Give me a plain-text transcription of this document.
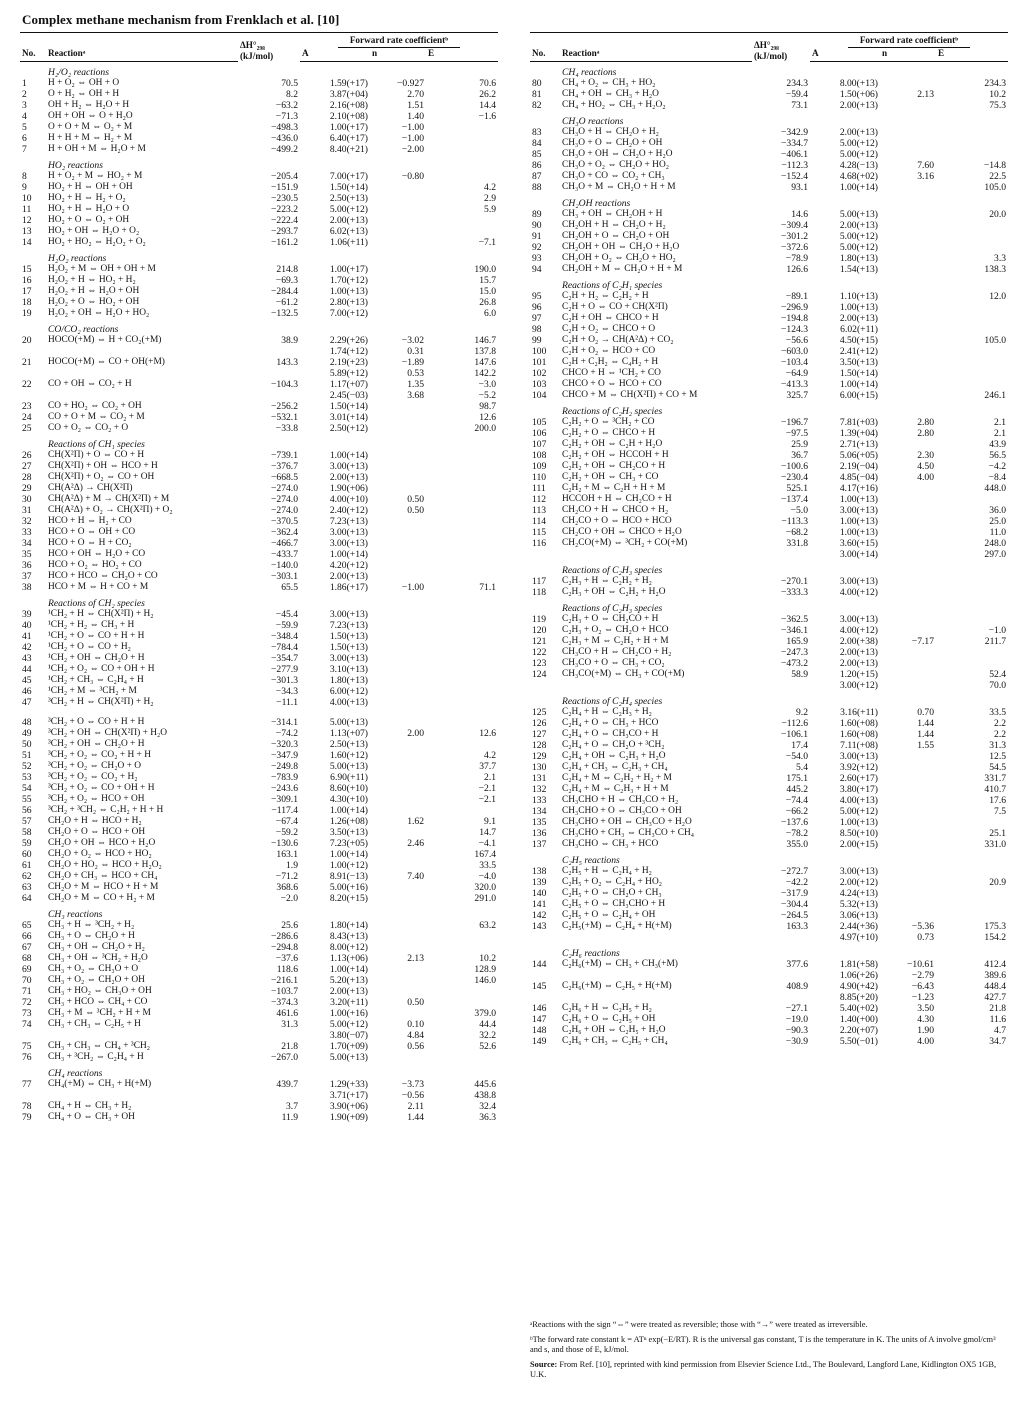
Complex methane mechanism from Frenklach et al. [10]
		ΔH°₂₉₈ (kJ/mol)	Forward rate coefficientᵇ		
No.	Reactionᵃ		A	n	E
	H₂/O₂ reactions				
1	H + O₂ ⇔ OH + O	70.5	1.59(+17)	−0.927	70.6
2	O + H₂ ⇔ OH + H	8.2	3.87(+04)	2.70	26.2
3	OH + H₂ ⇔ H₂O + H	−63.2	2.16(+08)	1.51	14.4
4	OH + OH ⇔ O + H₂O	−71.3	2.10(+08)	1.40	−1.6
5	O + O + M ⇔ O₂ + M	−498.3	1.00(+17)	−1.00	
6	H + H + M ⇔ H₂ + M	−436.0	6.40(+17)	−1.00	
7	H + OH + M ⇔ H₂O + M	−499.2	8.40(+21)	−2.00	
	HO₂ reactions				
8	H + O₂ + M ⇔ HO₂ + M	−205.4	7.00(+17)	−0.80	
9	HO₂ + H ⇔ OH + OH	−151.9	1.50(+14)		4.2
10	HO₂ + H ⇔ H₂ + O₂	−230.5	2.50(+13)		2.9
11	HO₂ + H ⇔ H₂O + O	−223.2	5.00(+12)		5.9
12	HO₂ + O ⇔ O₂ + OH	−222.4	2.00(+13)		
13	HO₂ + OH ⇔ H₂O + O₂	−293.7	6.02(+13)		
14	HO₂ + HO₂ ⇔ H₂O₂ + O₂	−161.2	1.06(+11)		−7.1
	H₂O₂ reactions				
15	H₂O₂ + M ⇔ OH + OH + M	214.8	1.00(+17)		190.0
16	H₂O₂ + H ⇔ HO₂ + H₂	−69.3	1.70(+12)		15.7
17	H₂O₂ + H ⇔ H₂O + OH	−284.4	1.00(+13)		15.0
18	H₂O₂ + O ⇔ HO₂ + OH	−61.2	2.80(+13)		26.8
19	H₂O₂ + OH ⇔ H₂O + HO₂	−132.5	7.00(+12)		6.0
	CO/CO₂ reactions				
20	HOCO(+M) ⇔ H + CO₂(+M)	38.9	2.29(+26)	−3.02	146.7
			1.74(+12)	0.31	137.8
21	HOCO(+M) ⇔ CO + OH(+M)	143.3	2.19(+23)	−1.89	147.6
			5.89(+12)	0.53	142.2
22	CO + OH ⇔ CO₂ + H	−104.3	1.17(+07)	1.35	−3.0
			2.45(−03)	3.68	−5.2
23	CO + HO₂ ⇔ CO₂ + OH	−256.2	1.50(+14)		98.7
24	CO + O + M ⇔ CO₂ + M	−532.1	3.01(+14)		12.6
25	CO + O₂ ⇔ CO₂ + O	−33.8	2.50(+12)		200.0
	Reactions of CH₁ species				
26	CH(X²Π) + O ⇔ CO + H	−739.1	1.00(+14)		
27	CH(X²Π) + OH ⇔ HCO + H	−376.7	3.00(+13)		
28	CH(X²Π) + O₂ ⇔ CO + OH	−668.5	2.00(+13)		
29	CH(A²Δ) → CH(X²Π)	−274.0	1.90(+06)		
30	CH(A²Δ) + M → CH(X²Π) + M	−274.0	4.00(+10)	0.50	
31	CH(A²Δ) + O₂ → CH(X²Π) + O₂	−274.0	2.40(+12)	0.50	
32	HCO + H ⇔ H₂ + CO	−370.5	7.23(+13)		
33	HCO + O ⇔ OH + CO	−362.4	3.00(+13)		
34	HCO + O ⇔ H + CO₂	−466.7	3.00(+13)		
35	HCO + OH ⇔ H₂O + CO	−433.7	1.00(+14)		
36	HCO + O₂ ⇔ HO₂ + CO	−140.0	4.20(+12)		
37	HCO + HCO ⇔ CH₂O + CO	−303.1	2.00(+13)		
38	HCO + M ⇔ H + CO + M	65.5	1.86(+17)	−1.00	71.1
	Reactions of CH₂ species				
39	¹CH₂ + H ⇔ CH(X²Π) + H₂	−45.4	3.00(+13)		
40	¹CH₂ + H₂ ⇔ CH₃ + H	−59.9	7.23(+13)		
41	¹CH₂ + O ⇔ CO + H + H	−348.4	1.50(+13)		
42	¹CH₂ + O ⇔ CO + H₂	−784.4	1.50(+13)		
43	¹CH₂ + OH ⇔ CH₂O + H	−354.7	3.00(+13)		
44	¹CH₂ + O₂ ⇔ CO + OH + H	−277.9	3.10(+13)		
45	¹CH₂ + CH₃ ⇔ C₂H₄ + H	−301.3	1.80(+13)		
46	¹CH₂ + M ⇔ ³CH₂ + M	−34.3	6.00(+12)		
47	³CH₂ + H ⇔ CH(X²Π) + H₂	−11.1	4.00(+13)		

48	³CH₂ + O ⇔ CO + H + H	−314.1	5.00(+13)		
49	³CH₂ + OH ⇔ CH(X²Π) + H₂O	−74.2	1.13(+07)	2.00	12.6
50	³CH₂ + OH ⇔ CH₂O + H	−320.3	2.50(+13)		
51	³CH₂ + O₂ ⇔ CO₂ + H + H	−347.9	1.60(+12)		4.2
52	³CH₂ + O₂ ⇔ CH₂O + O	−249.8	5.00(+13)		37.7
53	³CH₂ + O₂ ⇔ CO₂ + H₂	−783.9	6.90(+11)		2.1
54	³CH₂ + O₂ ⇔ CO + OH + H	−243.6	8.60(+10)		−2.1
55	³CH₂ + O₂ ⇔ HCO + OH	−309.1	4.30(+10)		−2.1
56	³CH₂ + ³CH₂ ⇔ C₂H₂ + H + H	−117.4	1.00(+14)		
57	CH₂O + H ⇔ HCO + H₂	−67.4	1.26(+08)	1.62	9.1
58	CH₂O + O ⇔ HCO + OH	−59.2	3.50(+13)		14.7
59	CH₂O + OH ⇔ HCO + H₂O	−130.6	7.23(+05)	2.46	−4.1
60	CH₂O + O₂ ⇔ HCO + HO₂	163.1	1.00(+14)		167.4
61	CH₂O + HO₂ ⇔ HCO + H₂O₂	1.9	1.00(+12)		33.5
62	CH₂O + CH₃ ⇔ HCO + CH₄	−71.2	8.91(−13)	7.40	−4.0
63	CH₂O + M ⇔ HCO + H + M	368.6	5.00(+16)		320.0
64	CH₂O + M ⇔ CO + H₂ + M	−2.0	8.20(+15)		291.0
	CH₃ reactions				
65	CH₃ + H ⇔ ³CH₂ + H₂	25.6	1.80(+14)		63.2
66	CH₃ + O ⇔ CH₂O + H	−286.6	8.43(+13)		
67	CH₃ + OH ⇔ CH₂O + H₂	−294.8	8.00(+12)		
68	CH₃ + OH ⇔ ³CH₂ + H₂O	−37.6	1.13(+06)	2.13	10.2
69	CH₃ + O₂ ⇔ CH₃O + O	118.6	1.00(+14)		128.9
70	CH₃ + O₂ ⇔ CH₂O + OH	−216.1	5.20(+13)		146.0
71	CH₃ + HO₂ ⇔ CH₃O + OH	−103.7	2.00(+13)		
72	CH₃ + HCO ⇔ CH₄ + CO	−374.3	3.20(+11)	0.50	
73	CH₃ + M ⇔ ³CH₂ + H + M	461.6	1.00(+16)		379.0
74	CH₃ + CH₃ ⇔ C₂H₅ + H	31.3	5.00(+12)	0.10	44.4
			3.80(−07)	4.84	32.2
75	CH₃ + CH₃ ⇔ CH₄ + ³CH₂	21.8	1.70(+09)	0.56	52.6
76	CH₃ + ³CH₂ ⇔ C₂H₄ + H	−267.0	5.00(+13)		
	CH₄ reactions				
77	CH₄(+M) ⇔ CH₃ + H(+M)	439.7	1.29(+33)	−3.73	445.6
			3.71(+17)	−0.56	438.8
78	CH₄ + H ⇔ CH₃ + H₂	3.7	3.90(+06)	2.11	32.4
79	CH₄ + O ⇔ CH₃ + OH	11.9	1.90(+09)	1.44	36.3
		ΔH°₂₉₈ (kJ/mol)	Forward rate coefficientᵇ		
No.	Reactionᵃ		A	n	E
	CH₄ reactions				
80	CH₄ + O₂ ⇔ CH₃ + HO₂	234.3	8.00(+13)		234.3
81	CH₄ + OH ⇔ CH₃ + H₂O	−59.4	1.50(+06)	2.13	10.2
82	CH₄ + HO₂ ⇔ CH₃ + H₂O₂	73.1	2.00(+13)		75.3
	CH₃O reactions				
83	CH₃O + H ⇔ CH₂O + H₂	−342.9	2.00(+13)		
84	CH₃O + O ⇔ CH₂O + OH	−334.7	5.00(+12)		
85	CH₃O + OH ⇔ CH₂O + H₂O	−406.1	5.00(+12)		
86	CH₃O + O₂ ⇔ CH₂O + HO₂	−112.3	4.28(−13)	7.60	−14.8
87	CH₃O + CO ⇔ CO₂ + CH₃	−152.4	4.68(+02)	3.16	22.5
88	CH₃O + M ⇔ CH₂O + H + M	93.1	1.00(+14)		105.0
	CH₂OH reactions				
89	CH₃ + OH ⇔ CH₂OH + H	14.6	5.00(+13)		20.0
90	CH₂OH + H ⇔ CH₂O + H₂	−309.4	2.00(+13)		
91	CH₂OH + O ⇔ CH₂O + OH	−301.2	5.00(+12)		
92	CH₂OH + OH ⇔ CH₂O + H₂O	−372.6	5.00(+12)		
93	CH₂OH + O₂ ⇔ CH₂O + HO₂	−78.9	1.80(+13)		3.3
94	CH₂OH + M ⇔ CH₂O + H + M	126.6	1.54(+13)		138.3
	Reactions of C₂H₁ species				
95	C₂H + H₂ ⇔ C₂H₂ + H	−89.1	1.10(+13)		12.0
96	C₂H + O ⇔ CO + CH(X²Π)	−296.9	1.00(+13)		
97	C₂H + OH ⇔ CHCO + H	−194.8	2.00(+13)		
98	C₂H + O₂ ⇔ CHCO + O	−124.3	6.02(+11)		
99	C₂H + O₂ → CH(A²Δ) + CO₂	−56.6	4.50(+15)		105.0
100	C₂H + O₂ ⇔ HCO + CO	−603.0	2.41(+12)		
101	C₂H + C₂H₂ ⇔ C₄H₂ + H	−103.4	3.50(+13)		
102	CHCO + H ⇔ ¹CH₂ + CO	−64.9	1.50(+14)		
103	CHCO + O ⇔ HCO + CO	−413.3	1.00(+14)		
104	CHCO + M ⇔ CH(X²Π) + CO + M	325.7	6.00(+15)		246.1
	Reactions of C₂H₂ species				
105	C₂H₂ + O ⇔ ³CH₂ + CO	−196.7	7.81(+03)	2.80	2.1
106	C₂H₂ + O ⇔ CHCO + H	−97.5	1.39(+04)	2.80	2.1
107	C₂H₂ + OH ⇔ C₂H + H₂O	25.9	2.71(+13)		43.9
108	C₂H₂ + OH ⇔ HCCOH + H	36.7	5.06(+05)	2.30	56.5
109	C₂H₂ + OH ⇔ CH₂CO + H	−100.6	2.19(−04)	4.50	−4.2
110	C₂H₂ + OH ⇔ CH₃ + CO	−230.4	4.85(−04)	4.00	−8.4
111	C₂H₂ + M ⇔ C₂H + H + M	525.1	4.17(+16)		448.0
112	HCCOH + H ⇔ CH₂CO + H	−137.4	1.00(+13)		
113	CH₂CO + H ⇔ CHCO + H₂	−5.0	3.00(+13)		36.0
114	CH₂CO + O ⇔ HCO + HCO	−113.3	1.00(+13)		25.0
115	CH₂CO + OH ⇔ CHCO + H₂O	−68.2	1.00(+13)		11.0
116	CH₂CO(+M) ⇔ ³CH₂ + CO(+M)	331.8	3.60(+15)		248.0
			3.00(+14)		297.0
	Reactions of C₂H₃ species				
117	C₂H₃ + H ⇔ C₂H₂ + H₂	−270.1	3.00(+13)		
118	C₂H₃ + OH ⇔ C₂H₂ + H₂O	−333.3	4.00(+12)		
	Reactions of C₂H₃ species				
119	C₂H₃ + O ⇔ CH₂CO + H	−362.5	3.00(+13)		
120	C₂H₃ + O₂ ⇔ CH₂O + HCO	−346.1	4.00(+12)		−1.0
121	C₂H₃ + M ⇔ C₂H₂ + H + M	165.9	2.00(+38)	−7.17	211.7
122	CH₃CO + H ⇔ CH₂CO + H₂	−247.3	2.00(+13)		
123	CH₃CO + O ⇔ CH₃ + CO₂	−473.2	2.00(+13)		
124	CH₃CO(+M) ⇔ CH₃ + CO(+M)	58.9	1.20(+15)		52.4
			3.00(+12)		70.0
	Reactions of C₂H₄ species				
125	C₂H₄ + H ⇔ C₂H₃ + H₂	9.2	3.16(+11)	0.70	33.5
126	C₂H₄ + O ⇔ CH₃ + HCO	−112.6	1.60(+08)	1.44	2.2
127	C₂H₄ + O ⇔ CH₃CO + H	−106.1	1.60(+08)	1.44	2.2
128	C₂H₄ + O ⇔ CH₂O + ³CH₂	17.4	7.11(+08)	1.55	31.3
129	C₂H₄ + OH ⇔ C₂H₃ + H₂O	−54.0	3.00(+13)		12.5
130	C₂H₄ + CH₃ ⇔ C₂H₃ + CH₄	5.4	3.92(+12)		54.5
131	C₂H₄ + M ⇔ C₂H₂ + H₂ + M	175.1	2.60(+17)		331.7
132	C₂H₄ + M ⇔ C₂H₃ + H + M	445.2	3.80(+17)		410.7
133	CH₃CHO + H ⇔ CH₃CO + H₂	−74.4	4.00(+13)		17.6
134	CH₃CHO + O ⇔ CH₃CO + OH	−66.2	5.00(+12)		7.5
135	CH₃CHO + OH ⇔ CH₃CO + H₂O	−137.6	1.00(+13)		
136	CH₃CHO + CH₃ ⇔ CH₃CO + CH₄	−78.2	8.50(+10)		25.1
137	CH₃CHO ⇔ CH₃ + HCO	355.0	2.00(+15)		331.0
	C₂H₅ reactions				
138	C₂H₅ + H ⇔ C₂H₄ + H₂	−272.7	3.00(+13)		
139	C₂H₅ + O₂ ⇔ C₂H₄ + HO₂	−42.2	2.00(+12)		20.9
140	C₂H₅ + O ⇔ CH₂O + CH₃	−317.9	4.24(+13)		
141	C₂H₅ + O ⇔ CH₃CHO + H	−304.4	5.32(+13)		
142	C₂H₅ + O ⇔ C₂H₄ + OH	−264.5	3.06(+13)		
143	C₂H₅(+M) ⇔ C₂H₄ + H(+M)	163.3	2.44(+36)	−5.36	175.3
			4.97(+10)	0.73	154.2
	C₂H₆ reactions				
144	C₂H₆(+M) ⇔ CH₃ + CH₃(+M)	377.6	1.81(+58)	−10.61	412.4
			1.06(+26)	−2.79	389.6
145	C₂H₆(+M) ⇔ C₂H₅ + H(+M)	408.9	4.90(+42)	−6.43	448.4
			8.85(+20)	−1.23	427.7
146	C₂H₆ + H ⇔ C₂H₅ + H₂	−27.1	5.40(+02)	3.50	21.8
147	C₂H₆ + O ⇔ C₂H₅ + OH	−19.0	1.40(+00)	4.30	11.6
148	C₂H₆ + OH ⇔ C₂H₅ + H₂O	−90.3	2.20(+07)	1.90	4.7
149	C₂H₆ + CH₃ ⇔ C₂H₅ + CH₄	−30.9	5.50(−01)	4.00	34.7

ᵃReactions with the sign “⇔” were treated as reversible; those with “→” were treated as irreversible.

ᵇThe forward rate constant k = ATⁿ exp(−E/RT). R is the universal gas constant, T is the temperature in K. The units of A involve gmol/cm³ and s, and those of E, kJ/mol.

Source: From Ref. [10], reprinted with kind permission from Elsevier Science Ltd., The Boulevard, Langford Lane, Kidlington OX5 1GB, U.K.
